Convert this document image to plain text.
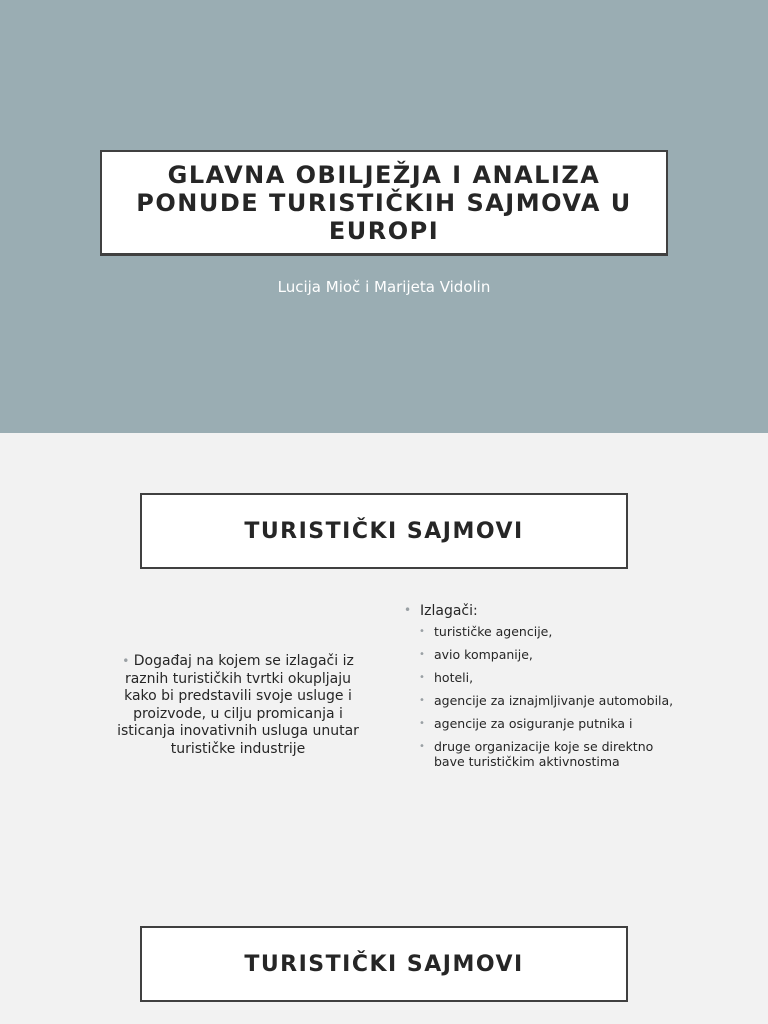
GLAVNA OBILJEŽJA I ANALIZA PONUDE TURISTIČKIH SAJMOVA U EUROPI
Lucija Mioč i Marijeta Vidolin
TURISTIČKI SAJMOVI

• Događaj na kojem se izlagači iz raznih turističkih tvrtki okupljaju kako bi predstavili svoje usluge i proizvode, u cilju promicanja i isticanja inovativnih usluga unutar turističke industrije

• Izlagači:
• turističke agencije,
• avio kompanije,
• hoteli,
• agencije za iznajmljivanje automobila,
• agencije za osiguranje putnika i
• druge organizacije koje se direktno bave turističkim aktivnostima
TURISTIČKI SAJMOVI
